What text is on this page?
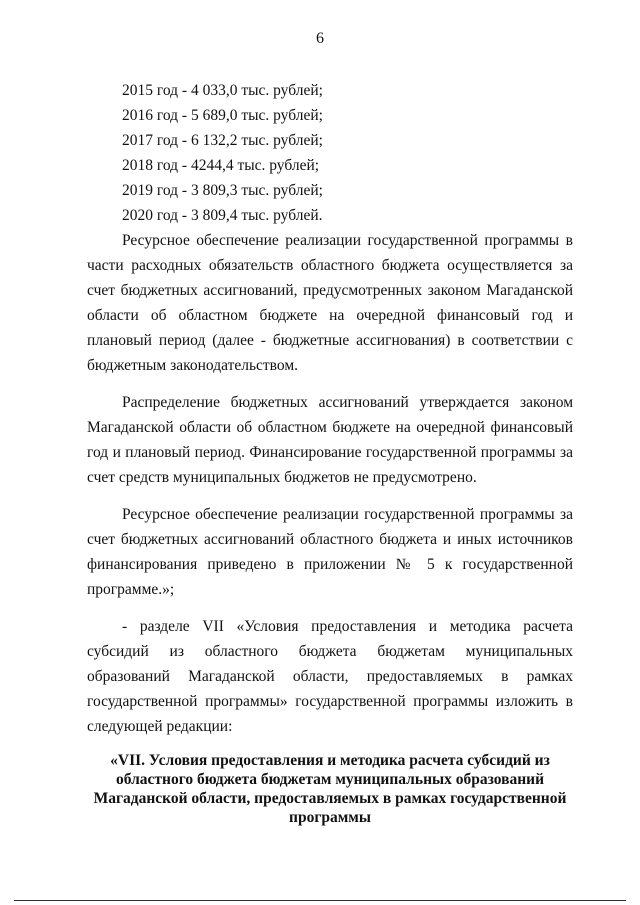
6
2015 год - 4 033,0 тыс. рублей;
2016 год - 5 689,0 тыс. рублей;
2017 год - 6 132,2 тыс. рублей;
2018 год - 4244,4 тыс. рублей;
2019 год - 3 809,3 тыс. рублей;
2020 год - 3 809,4 тыс. рублей.

Ресурсное обеспечение реализации государственной программы в части расходных обязательств областного бюджета осуществляется за счет бюджетных ассигнований, предусмотренных законом Магаданской области об областном бюджете на очередной финансовый год и плановый период (далее - бюджетные ассигнования) в соответствии с бюджетным законодательством.

Распределение бюджетных ассигнований утверждается законом Магаданской области об областном бюджете на очередной финансовый год и плановый период. Финансирование государственной программы за счет средств муниципальных бюджетов не предусмотрено.

Ресурсное обеспечение реализации государственной программы за счет бюджетных ассигнований областного бюджета и иных источников финансирования приведено в приложении № 5 к государственной программе.»;

- разделе VII «Условия предоставления и методика расчета субсидий из областного бюджета бюджетам муниципальных образований Магаданской области, предоставляемых в рамках государственной программы» государственной программы изложить в следующей редакции:

«VII. Условия предоставления и методика расчета субсидий из областного бюджета бюджетам муниципальных образований Магаданской области, предоставляемых в рамках государственной программы
